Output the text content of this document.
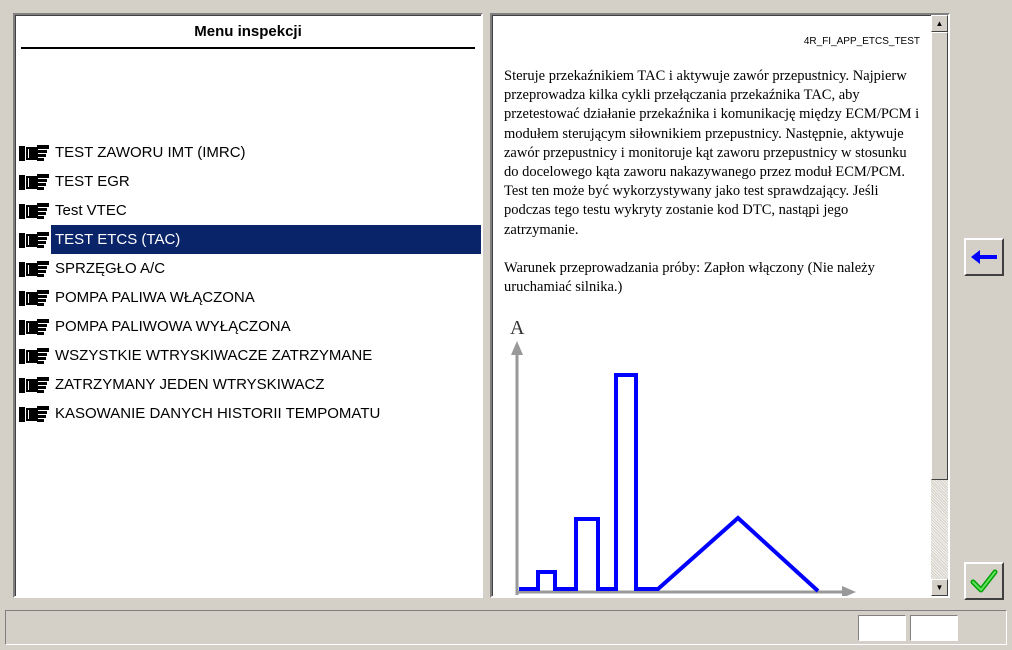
Menu inspekcji
TEST ZAWORU IMT (IMRC)
TEST EGR
Test VTEC
TEST ETCS (TAC)
SPRZĘGŁO A/C
POMPA PALIWA WŁĄCZONA
POMPA PALIWOWA WYŁĄCZONA
WSZYSTKIE WTRYSKIWACZE ZATRZYMANE
ZATRZYMANY JEDEN WTRYSKIWACZ
KASOWANIE DANYCH HISTORII TEMPOMATU
4R_FI_APP_ETCS_TEST
Steruje przekaźnikiem TAC i aktywuje zawór przepustnicy. Najpierw przeprowadza kilka cykli przełączania przekaźnika TAC, aby przetestować działanie przekaźnika i komunikację między ECM/PCM i modułem sterującym siłownikiem przepustnicy. Następnie, aktywuje zawór przepustnicy i monitoruje kąt zaworu przepustnicy w stosunku do docelowego kąta zaworu nakazywanego przez moduł ECM/PCM. Test ten może być wykorzystywany jako test sprawdzający. Jeśli podczas tego testu wykryty zostanie kod DTC, nastąpi jego zatrzymanie.
Warunek przeprowadzania próby: Zapłon włączony (Nie należy uruchamiać silnika.)
A
▲
▼
